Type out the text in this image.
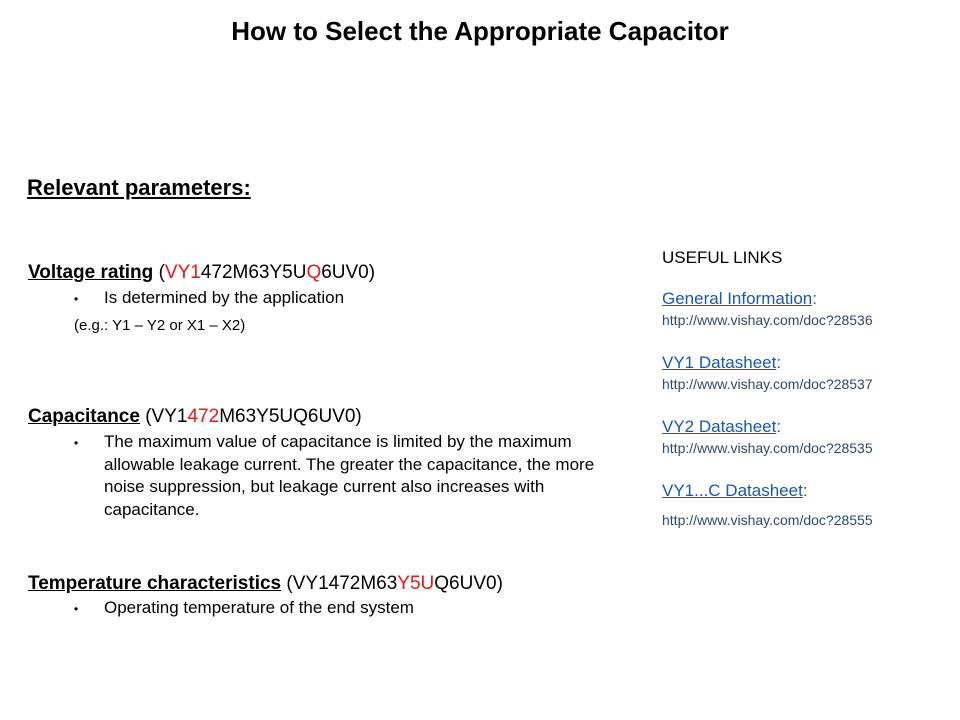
How to Select the Appropriate Capacitor
Relevant parameters:
Voltage rating (VY1472M63Y5UQ6UV0)
• Is determined by the application
(e.g.: Y1 – Y2 or X1 – X2)
Capacitance (VY1472M63Y5UQ6UV0)
• The maximum value of capacitance is limited by the maximum allowable leakage current. The greater the capacitance, the more noise suppression, but leakage current also increases with capacitance.
Temperature characteristics (VY1472M63Y5UQ6UV0)
• Operating temperature of the end system
USEFUL LINKS
General Information:
http://www.vishay.com/doc?28536
VY1 Datasheet:
http://www.vishay.com/doc?28537
VY2 Datasheet:
http://www.vishay.com/doc?28535
VY1...C Datasheet:
http://www.vishay.com/doc?28555
